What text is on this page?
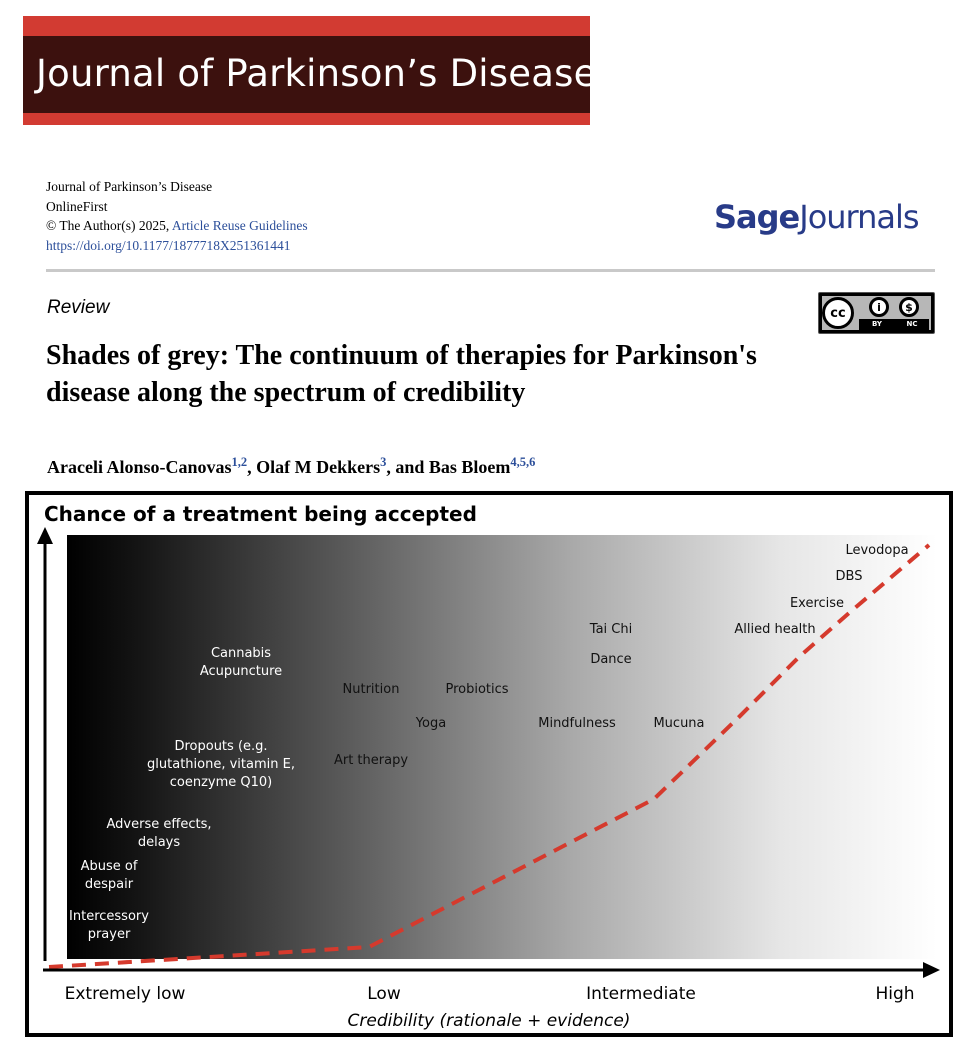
Journal of Parkinson’s Disease
Journal of Parkinson’s Disease
OnlineFirst
© The Author(s) 2025, Article Reuse Guidelines
https://doi.org/10.1177/1877718X251361441
SageJournals
Review	cc	i	$
BY	NC
Shades of grey: The continuum of therapies for Parkinson's disease along the spectrum of credibility
Araceli Alonso-Canovas$^{1,2}$, Olaf M Dekkers$^3$, and Bas Bloem$^{4,5,6}$
Cannabis
Acupuncture
Dropouts (e.g.
glutathione, vitamin E,
coenzyme Q10)
Adverse effects,
delays
Abuse of
despair
Intercessory
prayer
Nutrition	Probiotics
Yoga
Art therapy
Tai Chi
Dance
Mindfulness	Mucuna
Allied health
Exercise
DBS
Levodopa
Chance of a treatment being accepted
Extremely low	Low	Intermediate	High
Credibility (rationale + evidence)
